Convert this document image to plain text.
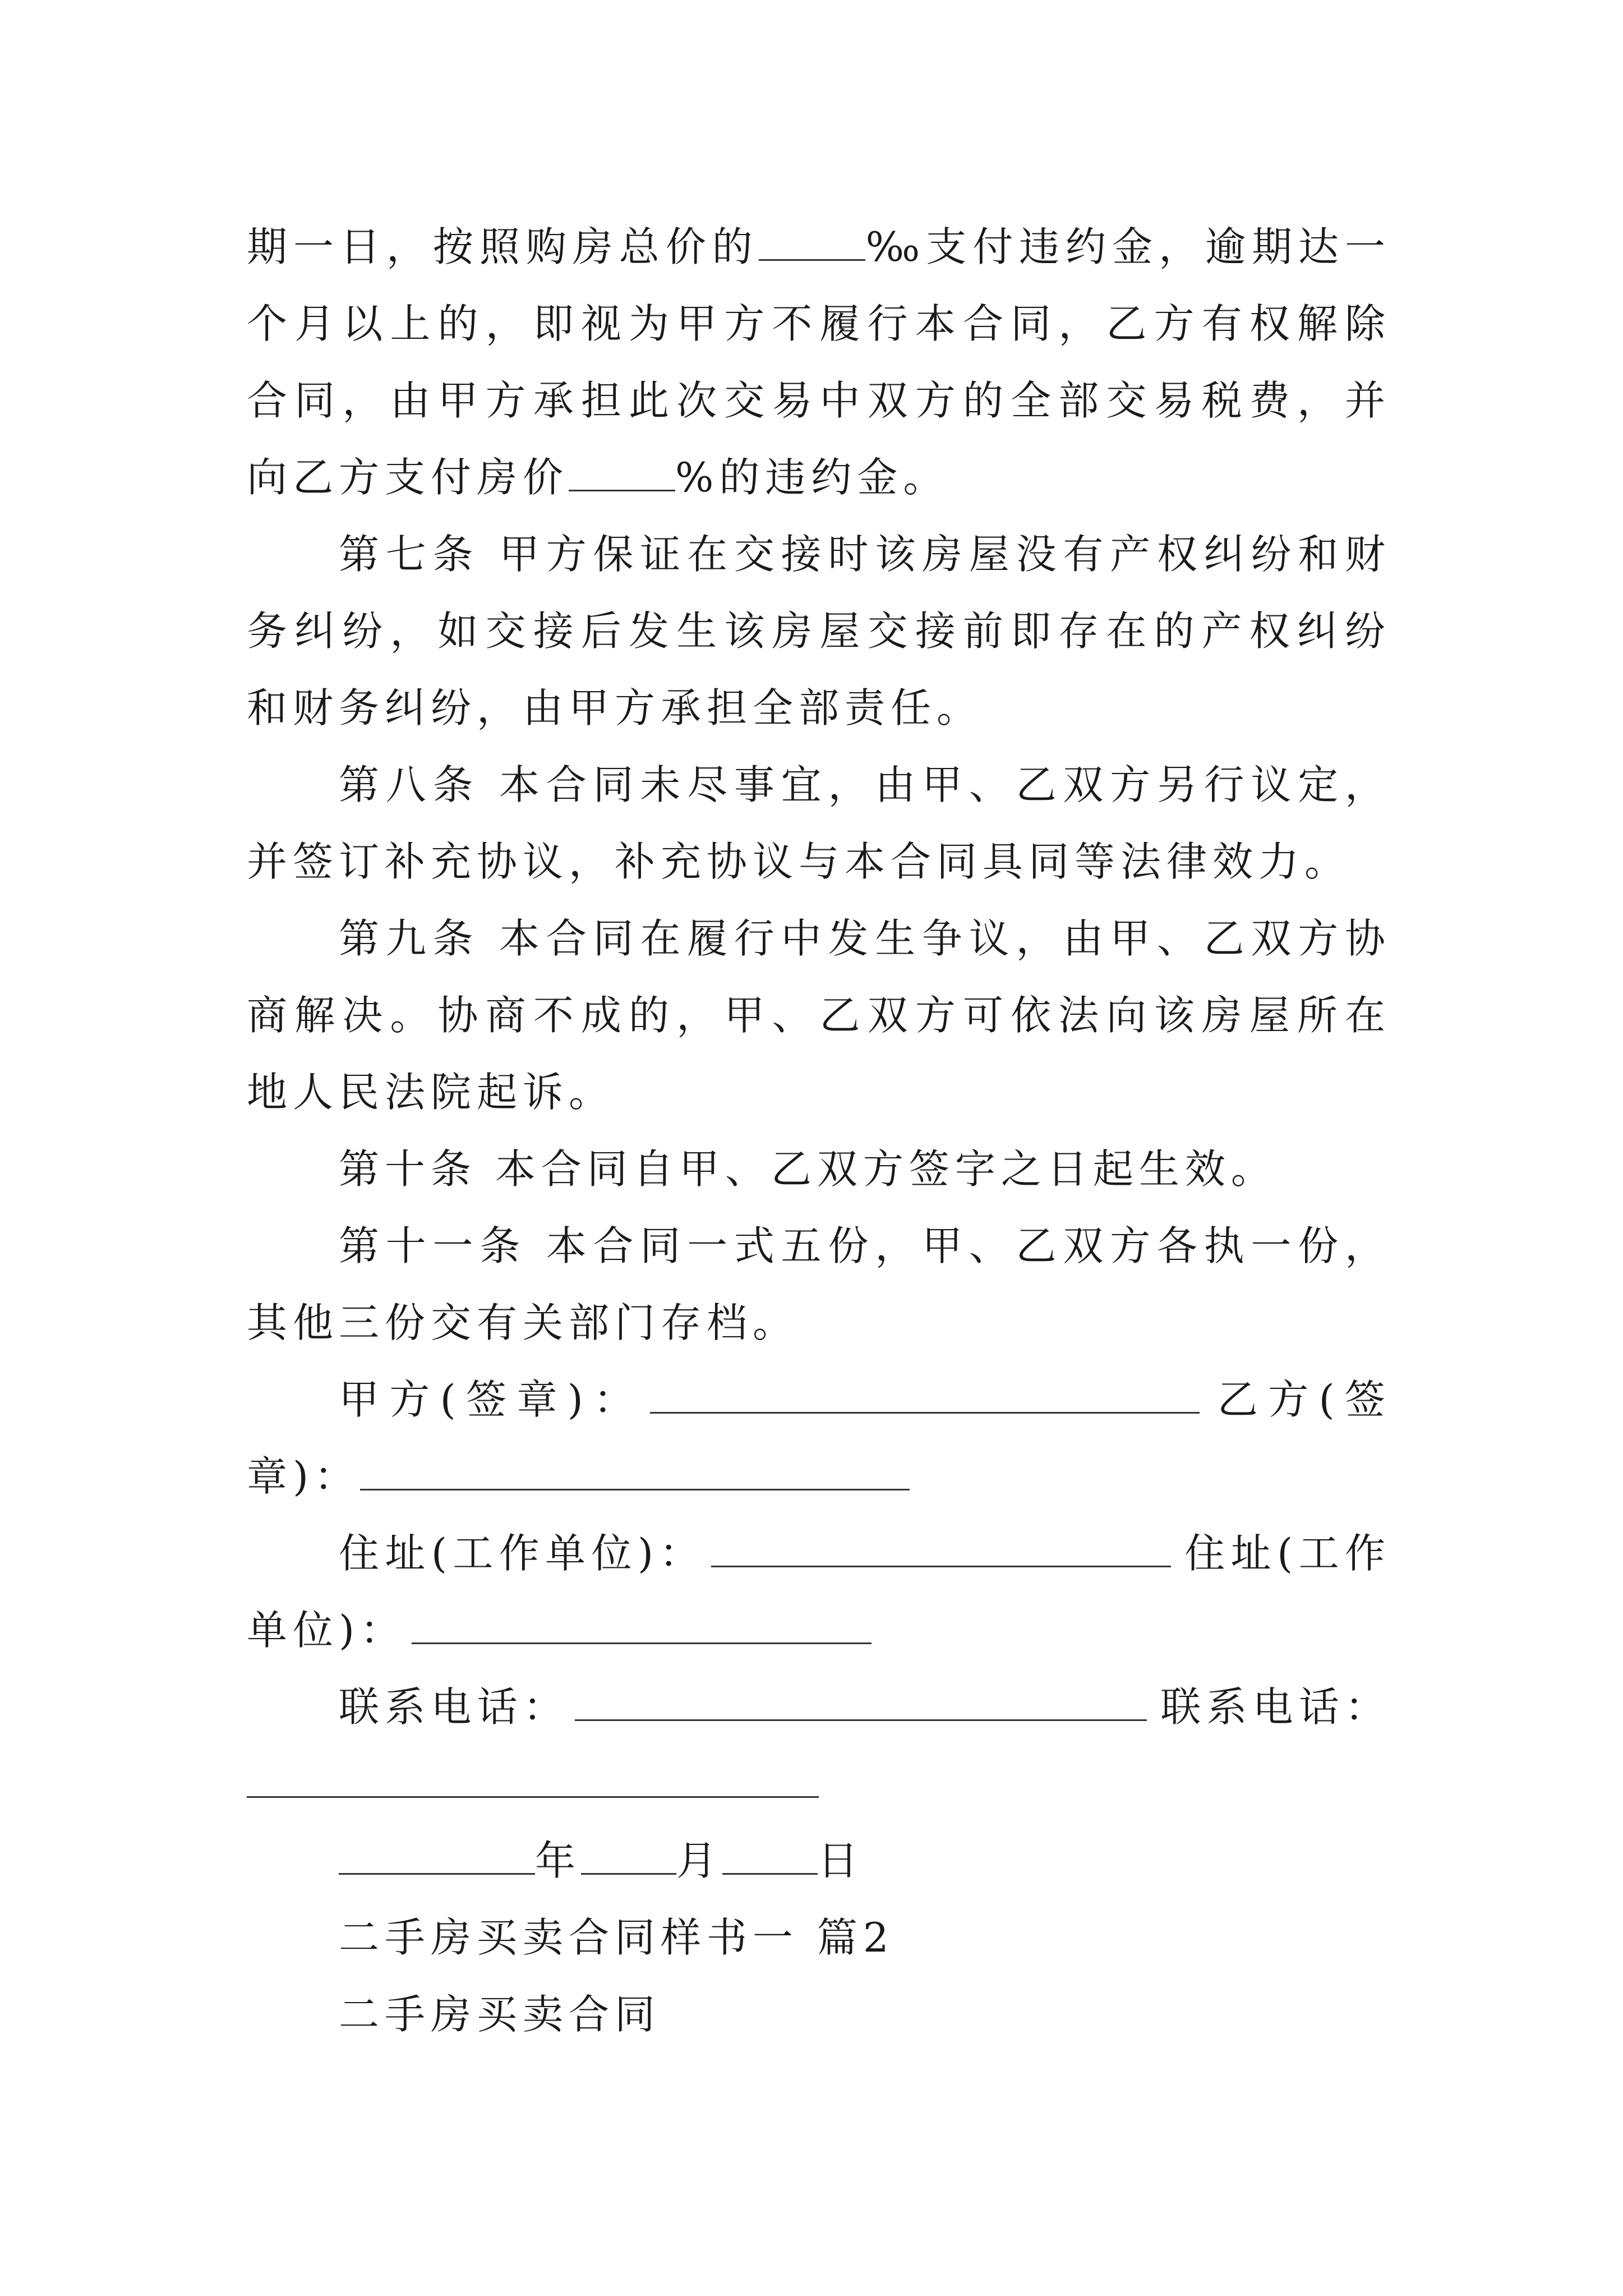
期一日，按照购房总价的	‰支付违约金，逾期达一个月以上的，即视为甲方不履行本合同，乙方有权解除合同，由甲方承担此次交易中双方的全部交易税费，并向乙方支付房价	%的违约金。

第七条 甲方保证在交接时该房屋没有产权纠纷和财务纠纷，如交接后发生该房屋交接前即存在的产权纠纷和财务纠纷，由甲方承担全部责任。

第八条 本合同未尽事宜，由甲、乙双方另行议定，并签订补充协议，补充协议与本合同具同等法律效力。

第九条 本合同在履行中发生争议，由甲、乙双方协商解决。协商不成的，甲、乙双方可依法向该房屋所在地人民法院起诉。

第十条 本合同自甲、乙双方签字之日起生效。

第十一条 本合同一式五份，甲、乙双方各执一份，其他三份交有关部门存档。

甲方(签章)：	乙方(签章)：

住址(工作单位)：	住址(工作单位)：

联系电话：	联系电话：

年 月 日

二手房买卖合同样书一 篇2

二手房买卖合同
